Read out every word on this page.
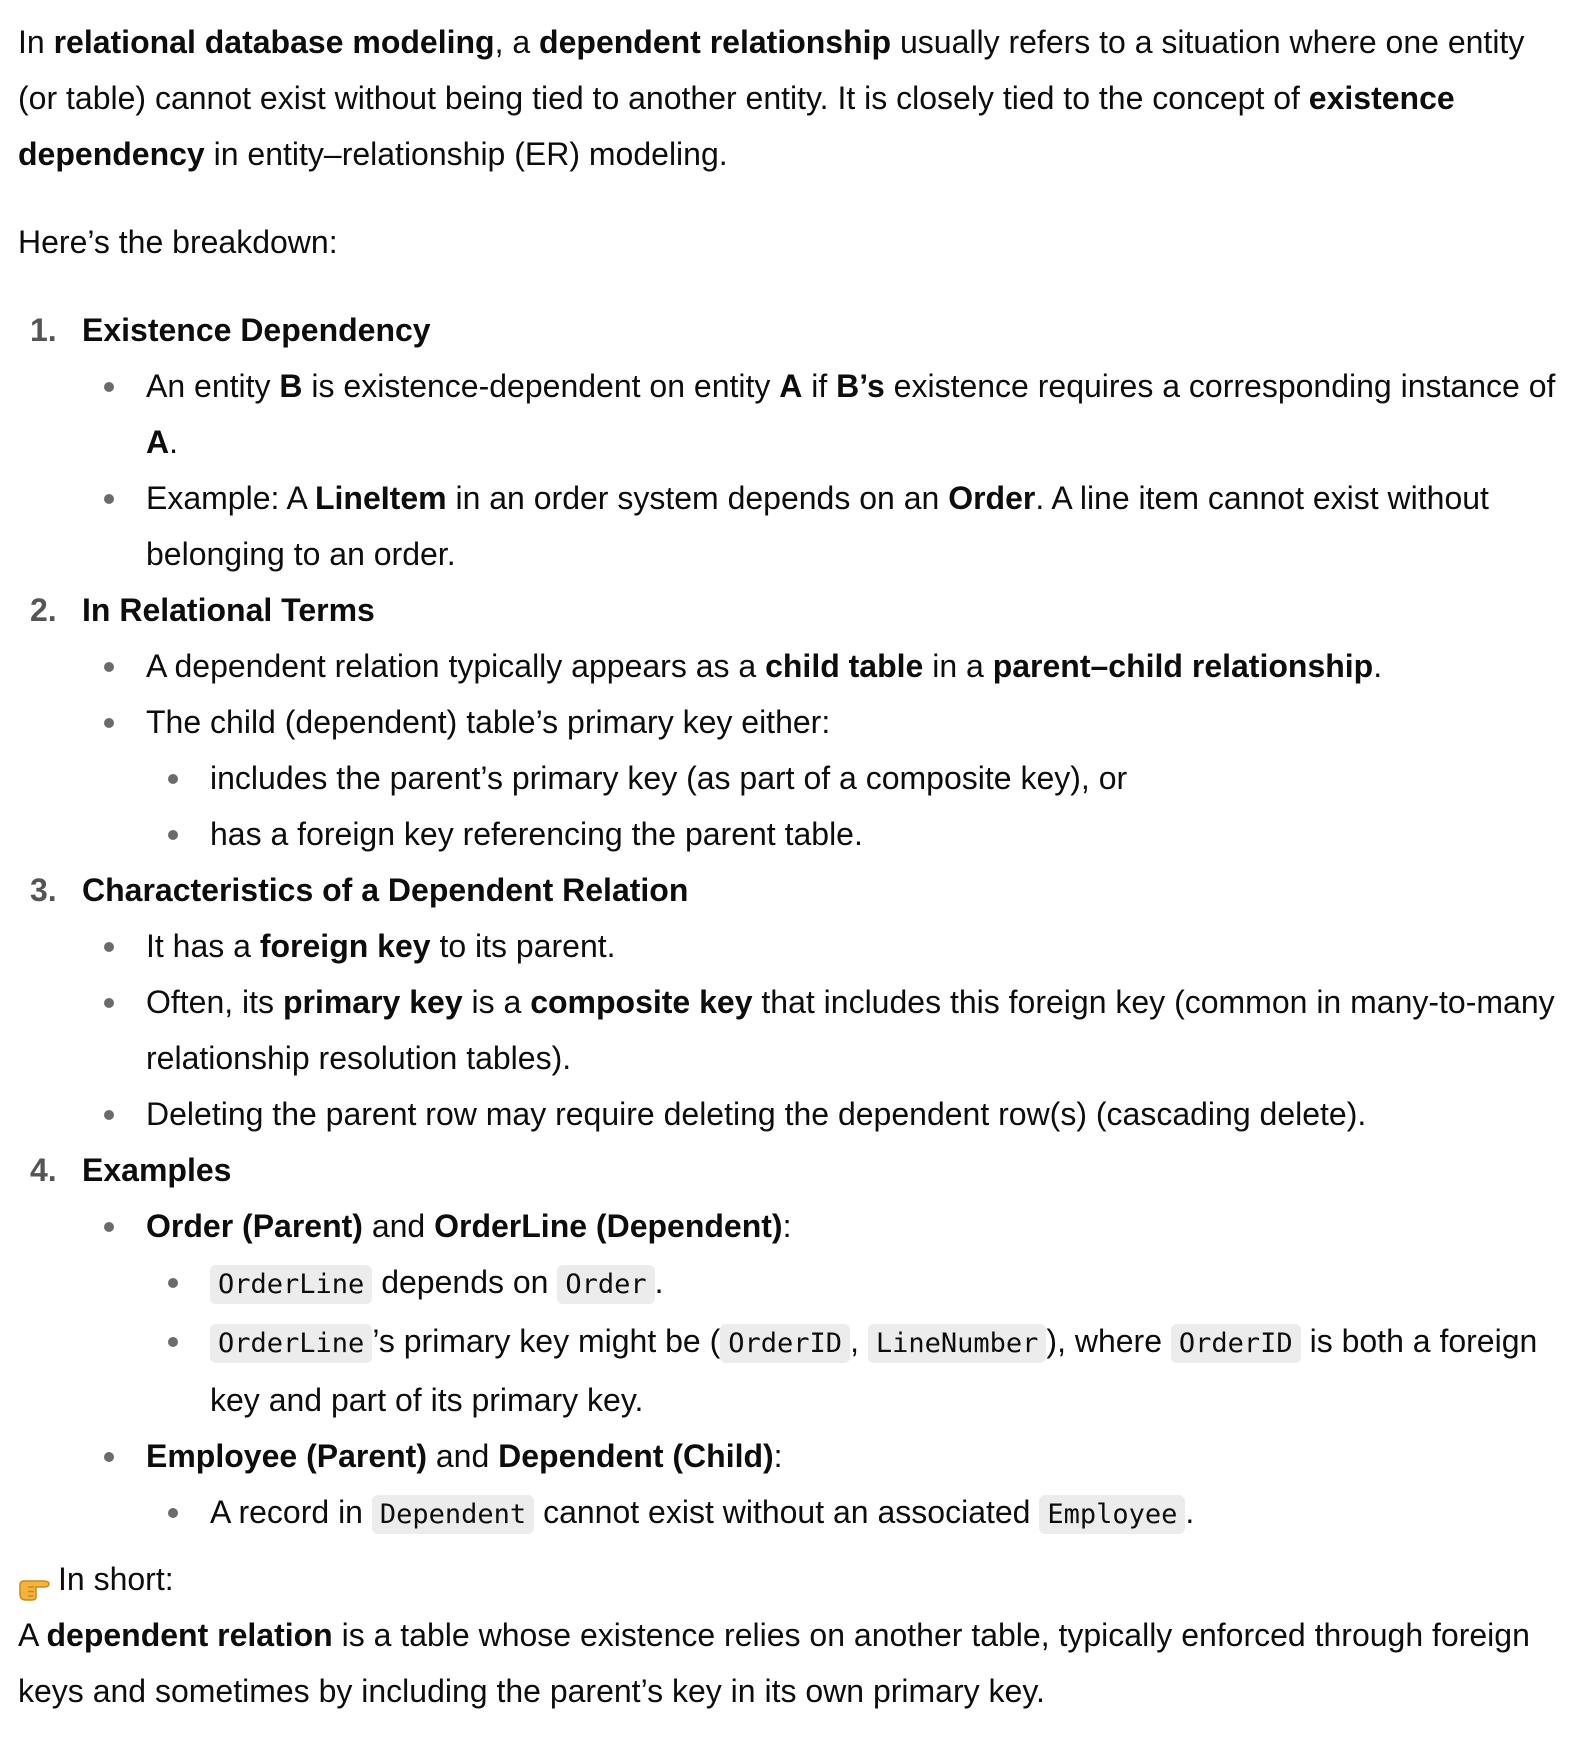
In relational database modeling, a dependent relationship usually refers to a situation where one entity (or table) cannot exist without being tied to another entity. It is closely tied to the concept of existence dependency in entity–relationship (ER) modeling.

Here’s the breakdown:

1. Existence Dependency
An entity B is existence-dependent on entity A if B’s existence requires a corresponding instance of A.
Example: A LineItem in an order system depends on an Order. A line item cannot exist without belonging to an order.
2. In Relational Terms
A dependent relation typically appears as a child table in a parent–child relationship.
The child (dependent) table’s primary key either:
includes the parent’s primary key (as part of a composite key), or
has a foreign key referencing the parent table.
3. Characteristics of a Dependent Relation
It has a foreign key to its parent.
Often, its primary key is a composite key that includes this foreign key (common in many-to-many relationship resolution tables).
Deleting the parent row may require deleting the dependent row(s) (cascading delete).
4. Examples
Order (Parent) and OrderLine (Dependent):
OrderLine depends on Order .
OrderLine ’s primary key might be ( OrderID , LineNumber ), where OrderID is both a foreign key and part of its primary key.
Employee (Parent) and Dependent (Child):
A record in Dependent cannot exist without an associated Employee .

In short:

A dependent relation is a table whose existence relies on another table, typically enforced through foreign keys and sometimes by including the parent’s key in its own primary key.
